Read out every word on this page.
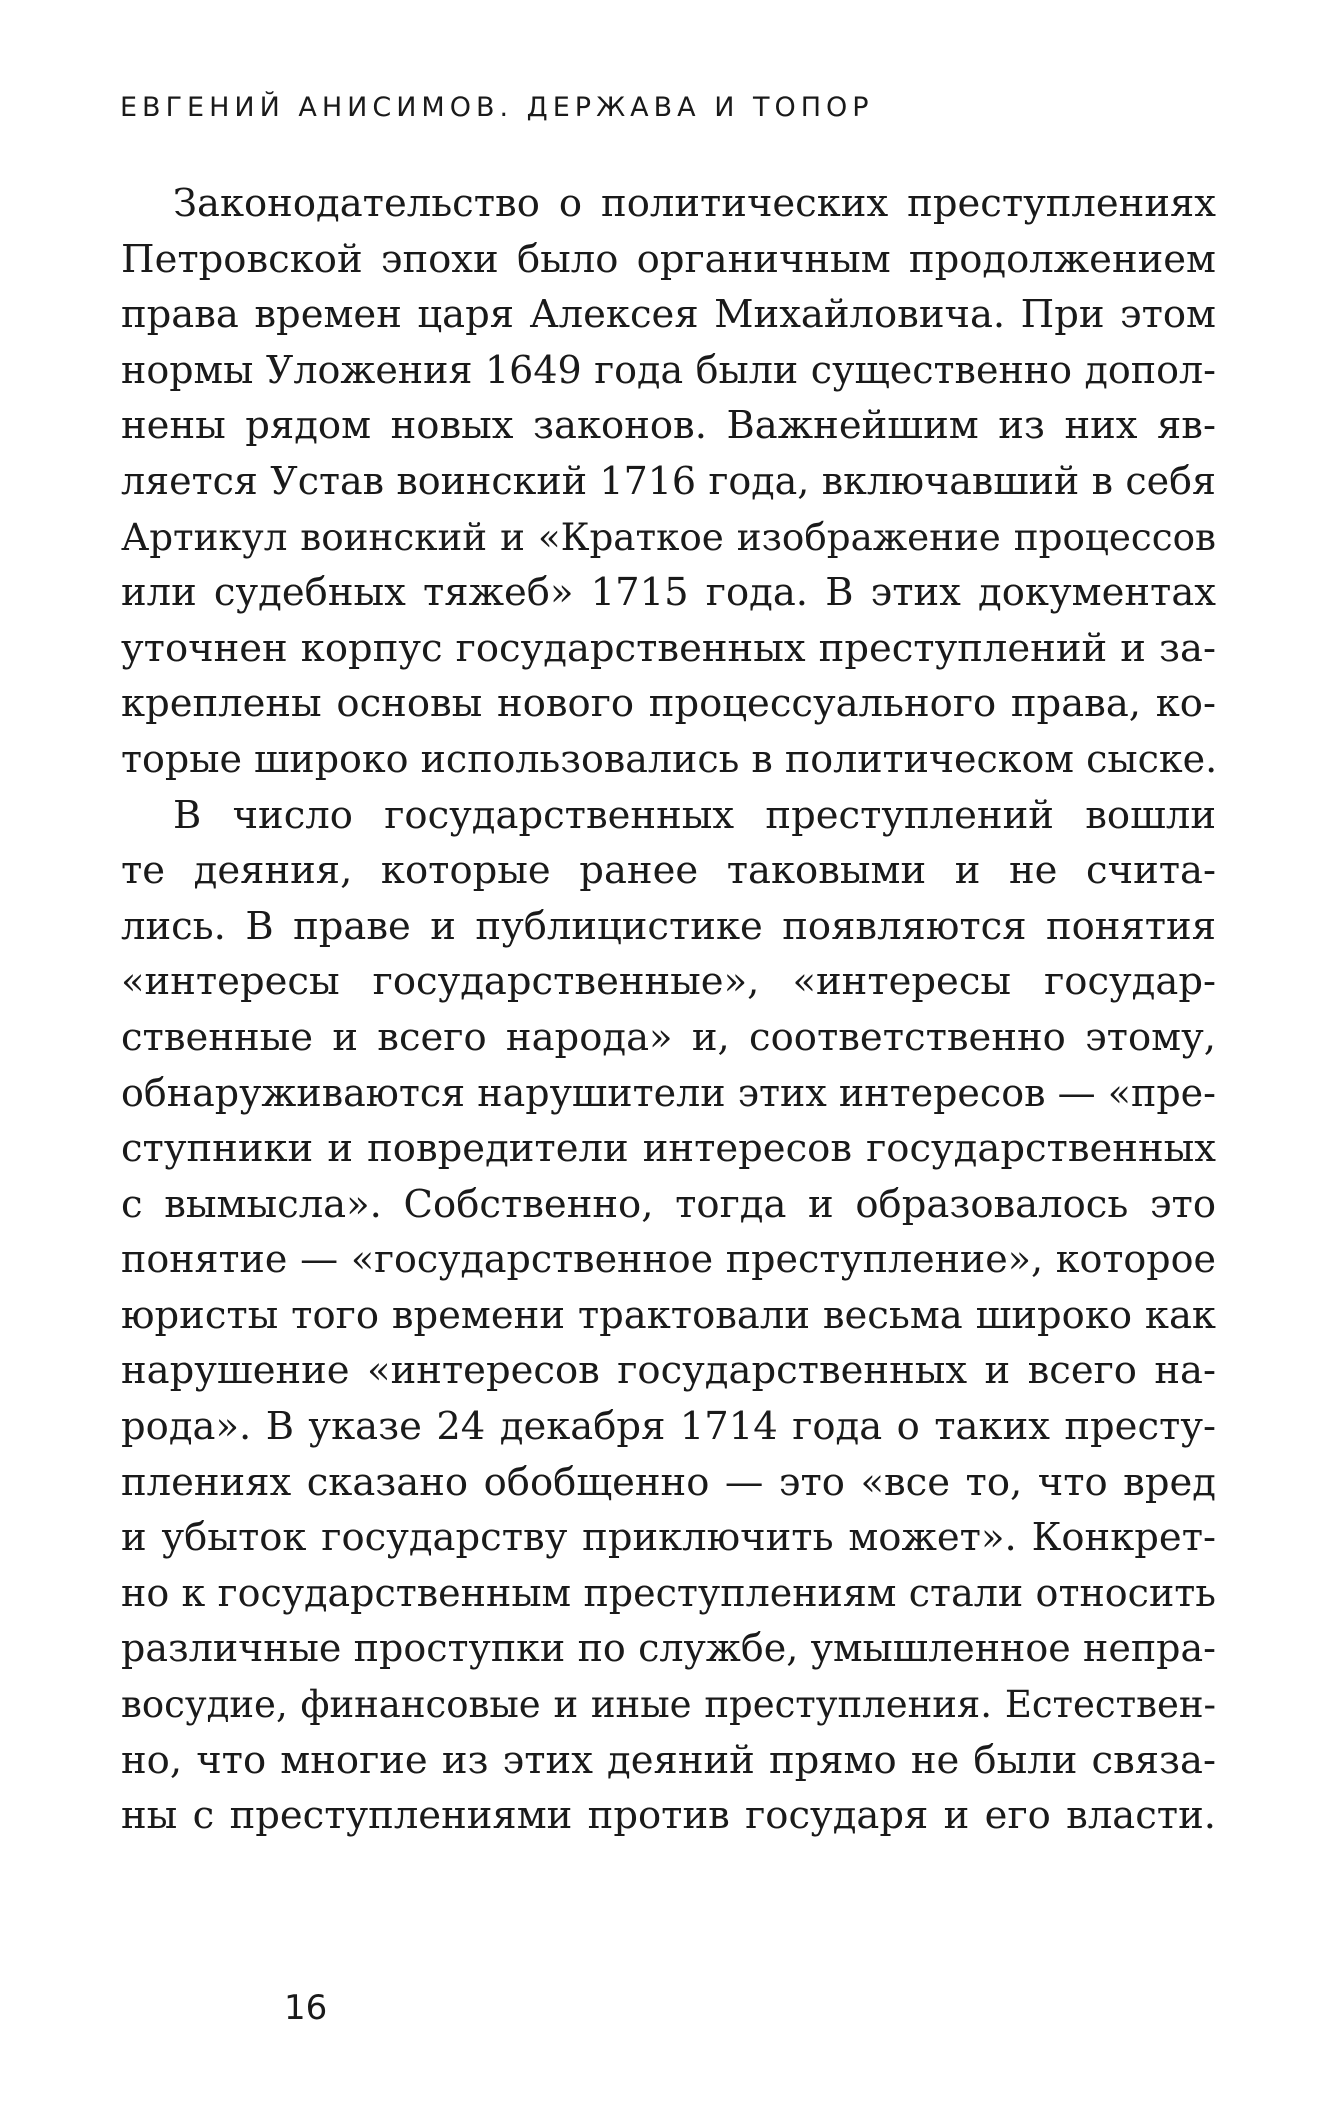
ЕВГЕНИЙ АНИСИМОВ. ДЕРЖАВА И ТОПОР
Законодательство о политических преступлениях
Петровской эпохи было органичным продолжением
права времен царя Алексея Михайловича. При этом
нормы Уложения 1649 года были существенно допол-
нены рядом новых законов. Важнейшим из них яв-
ляется Устав воинский 1716 года, включавший в себя
Артикул воинский и «Краткое изображение процессов
или судебных тяжеб» 1715 года. В этих документах
уточнен корпус государственных преступлений и за-
креплены основы нового процессуального права, ко-
торые широко использовались в политическом сыске.
В число государственных преступлений вошли
те деяния, которые ранее таковыми и не счита-
лись. В праве и публицистике появляются понятия
«интересы государственные», «интересы государ-
ственные и всего народа» и, соответственно этому,
обнаруживаются нарушители этих интересов — «пре-
ступники и повредители интересов государственных
с вымысла». Собственно, тогда и образовалось это
понятие — «государственное преступление», которое
юристы того времени трактовали весьма широко как
нарушение «интересов государственных и всего на-
рода». В указе 24 декабря 1714 года о таких престу-
плениях сказано обобщенно — это «все то, что вред
и убыток государству приключить может». Конкрет-
но к государственным преступлениям стали относить
различные проступки по службе, умышленное непра-
восудие, финансовые и иные преступления. Естествен-
но, что многие из этих деяний прямо не были связа-
ны с преступлениями против государя и его власти.
16
